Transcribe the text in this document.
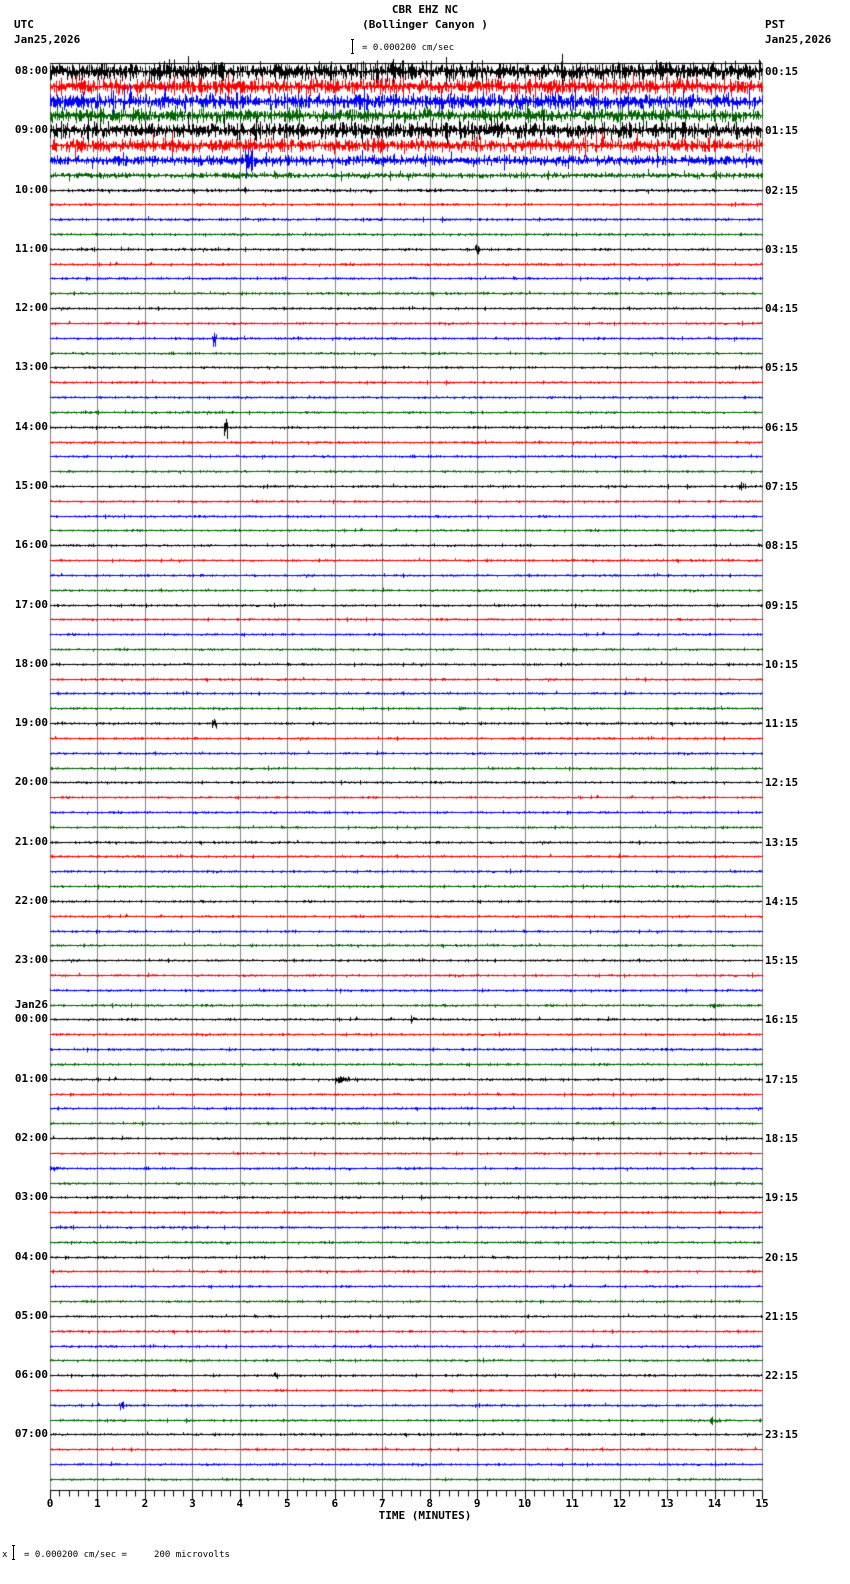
CBR EHZ NC
(Bollinger Canyon )
UTC
Jan25,2026
PST
Jan25,2026
= 0.000200 cm/sec
08:00
09:00
10:00
11:00
12:00
13:00
14:00
15:00
16:00
17:00
18:00
19:00
20:00
21:00
22:00
23:00
00:00
01:00
02:00
03:00
04:00
05:00
06:00
07:00
Jan26
00:15
01:15
02:15
03:15
04:15
05:15
06:15
07:15
08:15
09:15
10:15
11:15
12:15
13:15
14:15
15:15
16:15
17:15
18:15
19:15
20:15
21:15
22:15
23:15
0	1	2	3	4	5	6	7	8	9	10	11	12	13	14	15
TIME (MINUTES)
x = 0.000200 cm/sec =     200 microvolts
